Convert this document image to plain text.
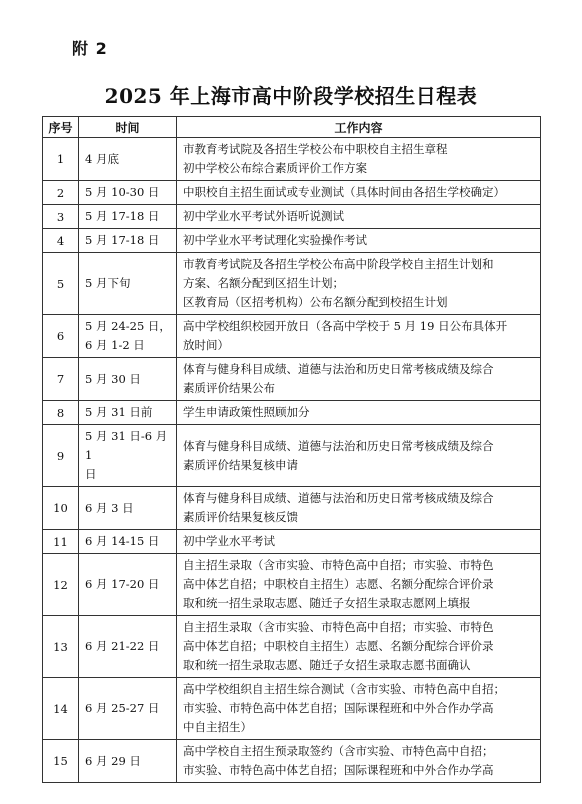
附 2
2025 年上海市高中阶段学校招生日程表
序号	时间	工作内容
1	4 月底	市教育考试院及各招生学校公布中职校自主招生章程
初中学校公布综合素质评价工作方案

2	5 月 10-30 日	中职校自主招生面试或专业测试（具体时间由各招生学校确定）

3	5 月 17-18 日	初中学业水平考试外语听说测试

4	5 月 17-18 日	初中学业水平考试理化实验操作考试

5	5 月下旬	市教育考试院及各招生学校公布高中阶段学校自主招生计划和
方案、名额分配到区招生计划；
区教育局（区招考机构）公布名额分配到校招生计划

6	5 月 24-25 日，
6 月 1-2 日	高中学校组织校园开放日（各高中学校于 5 月 19 日公布具体开
放时间）

7	5 月 30 日	体育与健身科目成绩、道德与法治和历史日常考核成绩及综合
素质评价结果公布

8	5 月 31 日前	学生申请政策性照顾加分

9	5 月 31 日-6 月 1
日	体育与健身科目成绩、道德与法治和历史日常考核成绩及综合
素质评价结果复核申请

10	6 月 3 日	体育与健身科目成绩、道德与法治和历史日常考核成绩及综合
素质评价结果复核反馈

11	6 月 14-15 日	初中学业水平考试

12	6 月 17-20 日	自主招生录取（含市实验、市特色高中自招；市实验、市特色
高中体艺自招；中职校自主招生）志愿、名额分配综合评价录
取和统一招生录取志愿、随迁子女招生录取志愿网上填报

13	6 月 21-22 日	自主招生录取（含市实验、市特色高中自招；市实验、市特色
高中体艺自招；中职校自主招生）志愿、名额分配综合评价录
取和统一招生录取志愿、随迁子女招生录取志愿书面确认

14	6 月 25-27 日	高中学校组织自主招生综合测试（含市实验、市特色高中自招；
市实验、市特色高中体艺自招；国际课程班和中外合作办学高
中自主招生）

15	6 月 29 日	高中学校自主招生预录取签约（含市实验、市特色高中自招；
市实验、市特色高中体艺自招；国际课程班和中外合作办学高
